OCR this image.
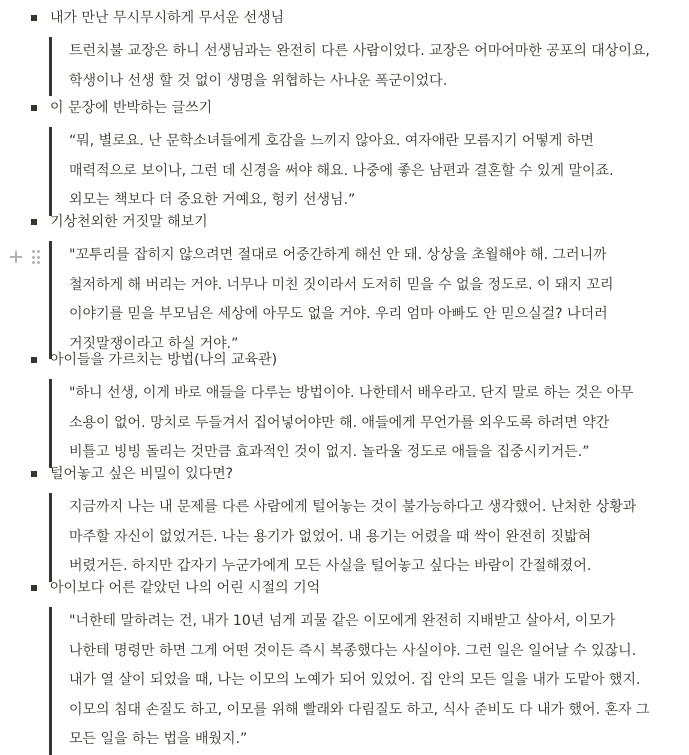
내가 만난 무시무시하게 무서운 선생님

트런치불 교장은 하니 선생님과는 완전히 다른 사람이었다. 교장은 어마어마한 공포의 대상이요, 학생이나 선생 할 것 없이 생명을 위협하는 사나운 폭군이었다.

이 문장에 반박하는 글쓰기

“뭐, 별로요. 난 문학소녀들에게 호감을 느끼지 않아요. 여자애란 모름지기 어떻게 하면 매력적으로 보이나, 그런 데 신경을 써야 해요. 나중에 좋은 남편과 결혼할 수 있게 말이죠. 외모는 책보다 더 중요한 거예요, 헝키 선생님.”

기상천외한 거짓말 해보기

"꼬투리를 잡히지 않으려면 절대로 어중간하게 해선 안 돼. 상상을 초월해야 해. 그러니까 철저하게 해 버리는 거야. 너무나 미친 짓이라서 도저히 믿을 수 없을 정도로. 이 돼지 꼬리 이야기를 믿을 부모님은 세상에 아무도 없을 거야. 우리 엄마 아빠도 안 믿으실걸? 나더러 거짓말쟁이라고 하실 거야.”

아이들을 가르치는 방법(나의 교육관)

"하니 선생, 이게 바로 애들을 다루는 방법이야. 나한테서 배우라고. 단지 말로 하는 것은 아무 소용이 없어. 망치로 두들겨서 집어넣어야만 해. 애들에게 무언가를 외우도록 하려면 약간 비틀고 빙빙 돌리는 것만큼 효과적인 것이 없지. 놀라울 정도로 애들을 집중시키거든.”

털어놓고 싶은 비밀이 있다면?

지금까지 나는 내 문제를 다른 사람에게 털어놓는 것이 불가능하다고 생각했어. 난처한 상황과 마주할 자신이 없었거든. 나는 용기가 없었어. 내 용기는 어렸을 때 싹이 완전히 짓밟혀 버렸거든. 하지만 갑자기 누군가에게 모든 사실을 털어놓고 싶다는 바람이 간절해졌어.

아이보다 어른 같았던 나의 어린 시절의 기억

"너한테 말하려는 건, 내가 10년 넘게 괴물 같은 이모에게 완전히 지배받고 살아서, 이모가 나한테 명령만 하면 그게 어떤 것이든 즉시 복종했다는 사실이야. 그런 일은 일어날 수 있잖니. 내가 열 살이 되었을 때, 나는 이모의 노예가 되어 있었어. 집 안의 모든 일을 내가 도맡아 했지. 이모의 침대 손질도 하고, 이모를 위해 빨래와 다림질도 하고, 식사 준비도 다 내가 했어. 혼자 그 모든 일을 하는 법을 배웠지.”
